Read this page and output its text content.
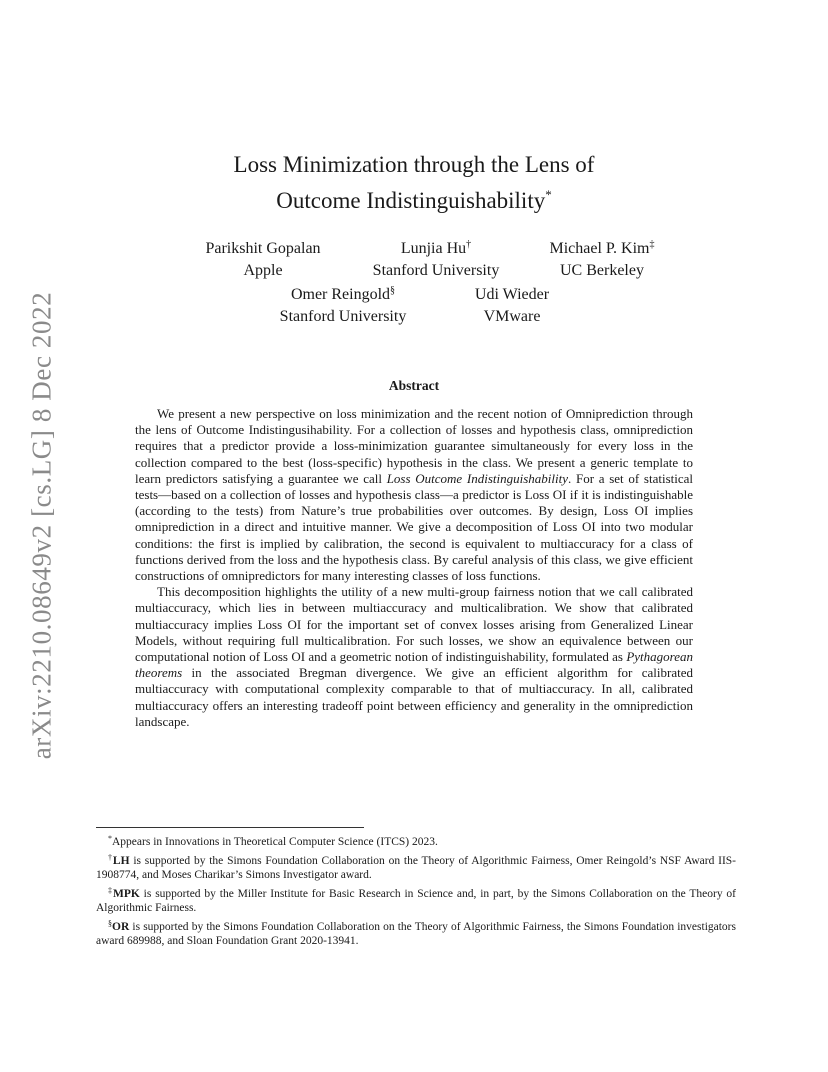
arXiv:2210.08649v2 [cs.LG] 8 Dec 2022
Loss Minimization through the Lens of
Outcome Indistinguishability*
Parikshit Gopalan
Apple
Lunjia Hu†
Stanford University
Michael P. Kim‡
UC Berkeley
Omer Reingold§
Stanford University
Udi Wieder
VMware
Abstract

We present a new perspective on loss minimization and the recent notion of Omniprediction through the lens of Outcome Indistingusihability. For a collection of losses and hypothesis class, omniprediction requires that a predictor provide a loss-minimization guarantee simultaneously for every loss in the collection compared to the best (loss-specific) hypothesis in the class. We present a generic template to learn predictors satisfying a guarantee we call Loss Outcome Indistinguishability. For a set of statistical tests—based on a collection of losses and hypothesis class—a predictor is Loss OI if it is indistinguishable (according to the tests) from Nature’s true probabilities over outcomes. By design, Loss OI implies omniprediction in a direct and intuitive manner. We give a decomposition of Loss OI into two modular conditions: the first is implied by calibration, the second is equivalent to multiaccuracy for a class of functions derived from the loss and the hypothesis class. By careful analysis of this class, we give efficient constructions of omnipredictors for many interesting classes of loss functions.

This decomposition highlights the utility of a new multi-group fairness notion that we call calibrated multiaccuracy, which lies in between multiaccuracy and multicalibration. We show that calibrated multiaccuracy implies Loss OI for the important set of convex losses arising from Generalized Linear Models, without requiring full multicalibration. For such losses, we show an equivalence between our computational notion of Loss OI and a geometric notion of indistinguishability, formulated as Pythagorean theorems in the associated Bregman divergence. We give an efficient algorithm for calibrated multiaccuracy with computational complexity comparable to that of multiaccuracy. In all, calibrated multiaccuracy offers an interesting tradeoff point between efficiency and generality in the omniprediction landscape.

*Appears in Innovations in Theoretical Computer Science (ITCS) 2023.

†LH is supported by the Simons Foundation Collaboration on the Theory of Algorithmic Fairness, Omer Reingold’s NSF Award IIS-1908774, and Moses Charikar’s Simons Investigator award.

‡MPK is supported by the Miller Institute for Basic Research in Science and, in part, by the Simons Collaboration on the Theory of Algorithmic Fairness.

§OR is supported by the Simons Foundation Collaboration on the Theory of Algorithmic Fairness, the Simons Foundation investigators award 689988, and Sloan Foundation Grant 2020-13941.
